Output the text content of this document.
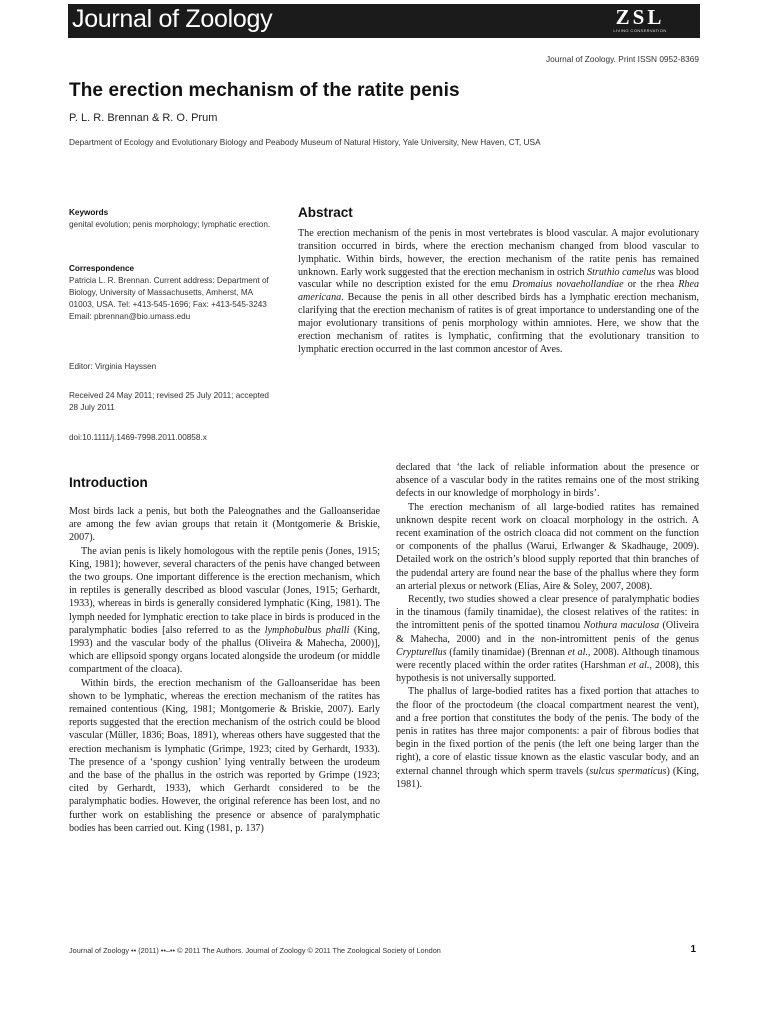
Journal of Zoology	ZSL
LIVING CONSERVATION
Journal of Zoology. Print ISSN 0952-8369
The erection mechanism of the ratite penis
P. L. R. Brennan & R. O. Prum
Department of Ecology and Evolutionary Biology and Peabody Museum of Natural History, Yale University, New Haven, CT, USA
Keywords
genital evolution; penis morphology; lymphatic erection.
Correspondence
Patricia L. R. Brennan. Current address: Department of Biology, University of Massachusetts, Amherst, MA 01003, USA. Tel: +413-545-1696; Fax: +413-545-3243 Email: pbrennan@bio.umass.edu
Editor: Virginia Hayssen
Received 24 May 2011; revised 25 July 2011; accepted 28 July 2011
doi:10.1111/j.1469-7998.2011.00858.x
Abstract
The erection mechanism of the penis in most vertebrates is blood vascular. A major evolutionary transition occurred in birds, where the erection mechanism changed from blood vascular to lymphatic. Within birds, however, the erection mechanism of the ratite penis has remained unknown. Early work suggested that the erection mechanism in ostrich Struthio camelus was blood vascular while no description existed for the emu Dromaius novaehollandiae or the rhea Rhea americana. Because the penis in all other described birds has a lymphatic erection mechanism, clarifying that the erection mechanism of ratites is of great importance to understanding one of the major evolutionary transitions of penis morphology within amniotes. Here, we show that the erection mechanism of ratites is lymphatic, confirming that the evolutionary transition to lymphatic erection occurred in the last common ancestor of Aves.
Introduction

Most birds lack a penis, but both the Paleognathes and the Galloanseridae are among the few avian groups that retain it (Montgomerie & Briskie, 2007).

The avian penis is likely homologous with the reptile penis (Jones, 1915; King, 1981); however, several characters of the penis have changed between the two groups. One important difference is the erection mechanism, which in reptiles is generally described as blood vascular (Jones, 1915; Gerhardt, 1933), whereas in birds is generally considered lymphatic (King, 1981). The lymph needed for lymphatic erection to take place in birds is produced in the paralymphatic bodies [also referred to as the lymphobulbus phalli (King, 1993) and the vascular body of the phallus (Oliveira & Mahecha, 2000)], which are ellipsoid spongy organs located alongside the urodeum (or middle compartment of the cloaca).

Within birds, the erection mechanism of the Galloanseridae has been shown to be lymphatic, whereas the erection mechanism of the ratites has remained contentious (King, 1981; Montgomerie & Briskie, 2007). Early reports suggested that the erection mechanism of the ostrich could be blood vascular (Müller, 1836; Boas, 1891), whereas others have suggested that the erection mechanism is lymphatic (Grimpe, 1923; cited by Gerhardt, 1933). The presence of a ‘spongy cushion’ lying ventrally between the urodeum and the base of the phallus in the ostrich was reported by Grimpe (1923; cited by Gerhardt, 1933), which Gerhardt considered to be the paralymphatic bodies. However, the original reference has been lost, and no further work on establishing the presence or absence of paralymphatic bodies has been carried out. King (1981, p. 137)

declared that ‘the lack of reliable information about the presence or absence of a vascular body in the ratites remains one of the most striking defects in our knowledge of morphology in birds’.

The erection mechanism of all large-bodied ratites has remained unknown despite recent work on cloacal morphology in the ostrich. A recent examination of the ostrich cloaca did not comment on the function or components of the phallus (Warui, Erlwanger & Skadhauge, 2009). Detailed work on the ostrich’s blood supply reported that thin branches of the pudendal artery are found near the base of the phallus where they form an arterial plexus or network (Elias, Aire & Soley, 2007, 2008).

Recently, two studies showed a clear presence of paralymphatic bodies in the tinamous (family tinamidae), the closest relatives of the ratites: in the intromittent penis of the spotted tinamou Nothura maculosa (Oliveira & Mahecha, 2000) and in the non-intromittent penis of the genus Crypturellus (family tinamidae) (Brennan et al., 2008). Although tinamous were recently placed within the order ratites (Harshman et al., 2008), this hypothesis is not universally supported.

The phallus of large-bodied ratites has a fixed portion that attaches to the floor of the proctodeum (the cloacal compartment nearest the vent), and a free portion that constitutes the body of the penis. The body of the penis in ratites has three major components: a pair of fibrous bodies that begin in the fixed portion of the penis (the left one being larger than the right), a core of elastic tissue known as the elastic vascular body, and an external channel through which sperm travels (sulcus spermaticus) (King, 1981).

Journal of Zoology •• (2011) ••–•• © 2011 The Authors. Journal of Zoology © 2011 The Zoological Society of London	1
